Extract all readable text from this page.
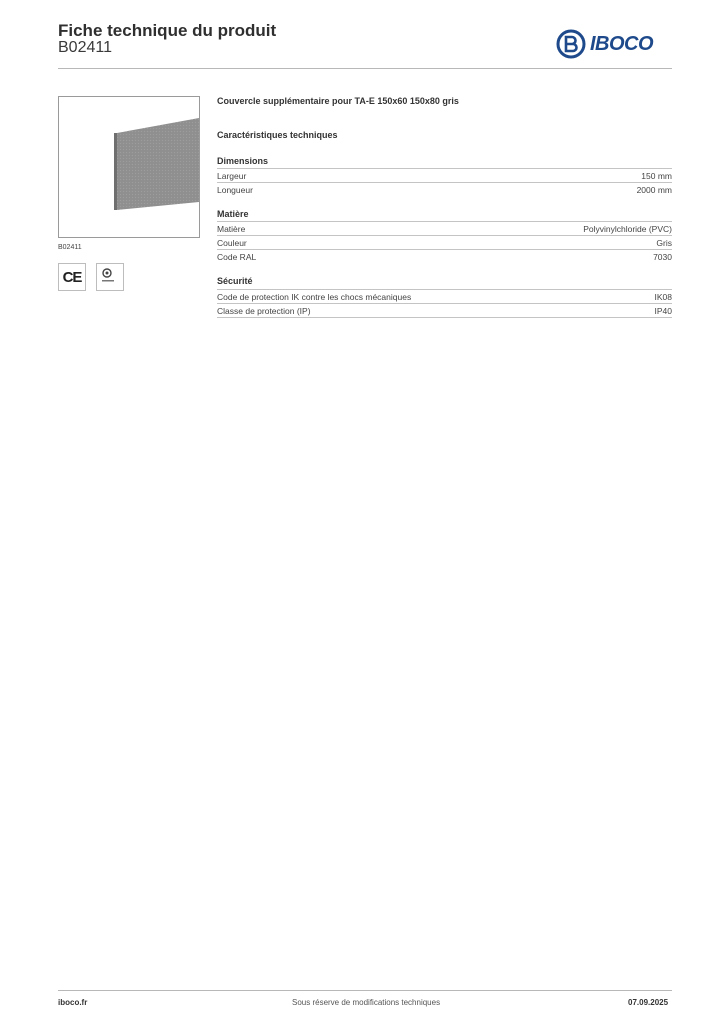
Fiche technique du produit
B02411	IBOCO
B02411
CE
Couvercle supplémentaire pour TA-E 150x60 150x80 gris
Caractéristiques techniques
Dimensions
Largeur	150 mm
Longueur	2000 mm
Matière
Matière	Polyvinylchloride (PVC)
Couleur	Gris
Code RAL	7030
Sécurité
Code de protection IK contre les chocs mécaniques	IK08
Classe de protection (IP)	IP40
iboco.fr	Sous réserve de modifications techniques	07.09.2025
